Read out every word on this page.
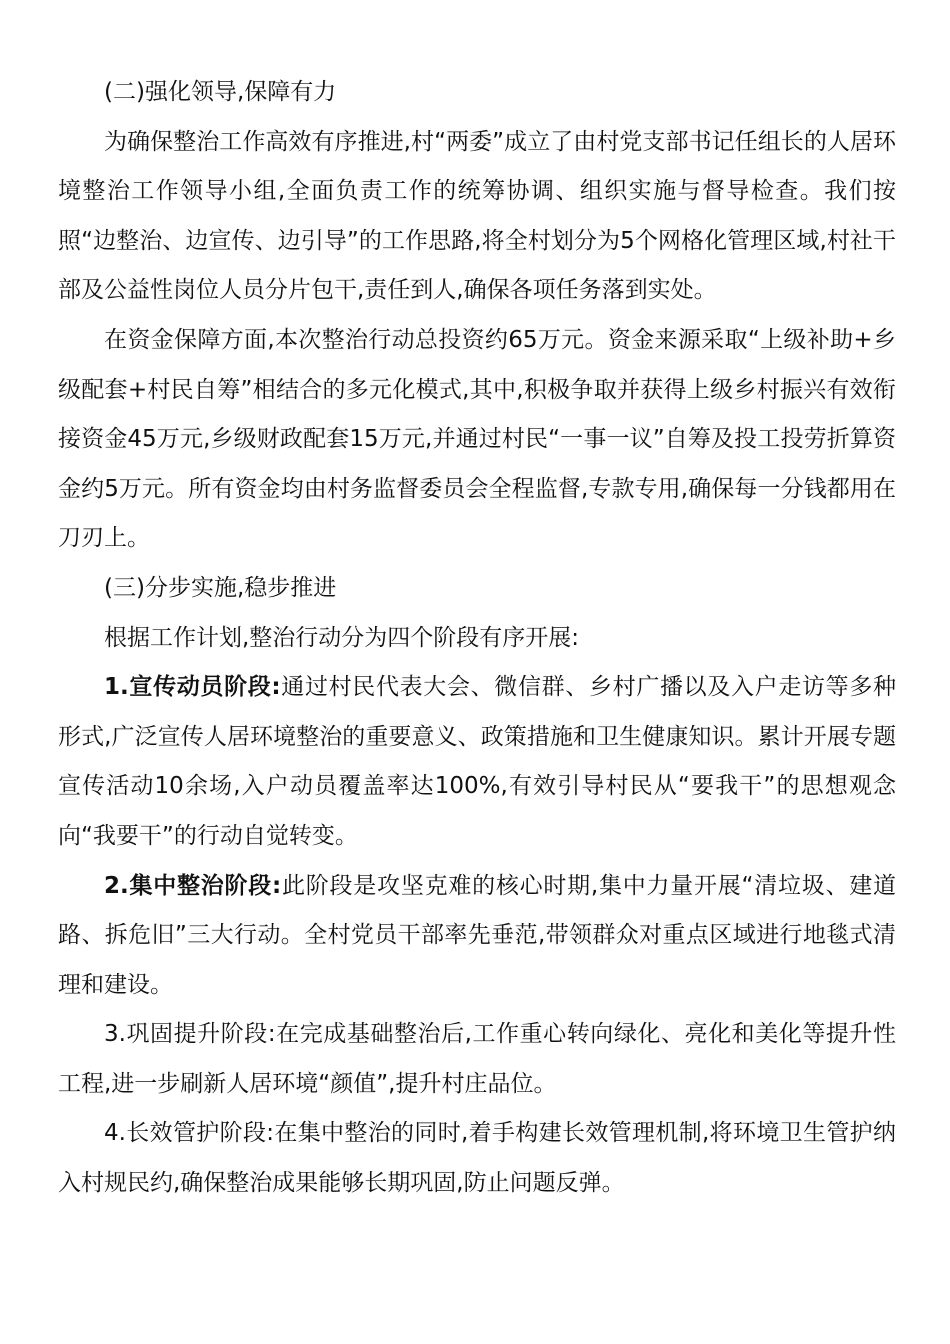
(二)强化领导,保障有力

为确保整治工作高效有序推进,村“两委”成立了由村党支部书记任组长的人居环境整治工作领导小组,全面负责工作的统筹协调、组织实施与督导检查。我们按照“边整治、边宣传、边引导”的工作思路,将全村划分为5个网格化管理区域,村社干部及公益性岗位人员分片包干,责任到人,确保各项任务落到实处。

在资金保障方面,本次整治行动总投资约65万元。资金来源采取“上级补助+乡级配套+村民自筹”相结合的多元化模式,其中,积极争取并获得上级乡村振兴有效衔接资金45万元,乡级财政配套15万元,并通过村民“一事一议”自筹及投工投劳折算资金约5万元。所有资金均由村务监督委员会全程监督,专款专用,确保每一分钱都用在刀刃上。

(三)分步实施,稳步推进

根据工作计划,整治行动分为四个阶段有序开展:

1.宣传动员阶段:通过村民代表大会、微信群、乡村广播以及入户走访等多种形式,广泛宣传人居环境整治的重要意义、政策措施和卫生健康知识。累计开展专题宣传活动10余场,入户动员覆盖率达100%,有效引导村民从“要我干”的思想观念向“我要干”的行动自觉转变。

2.集中整治阶段:此阶段是攻坚克难的核心时期,集中力量开展“清垃圾、建道路、拆危旧”三大行动。全村党员干部率先垂范,带领群众对重点区域进行地毯式清理和建设。

3.巩固提升阶段:在完成基础整治后,工作重心转向绿化、亮化和美化等提升性工程,进一步刷新人居环境“颜值”,提升村庄品位。

4.长效管护阶段:在集中整治的同时,着手构建长效管理机制,将环境卫生管护纳入村规民约,确保整治成果能够长期巩固,防止问题反弹。
